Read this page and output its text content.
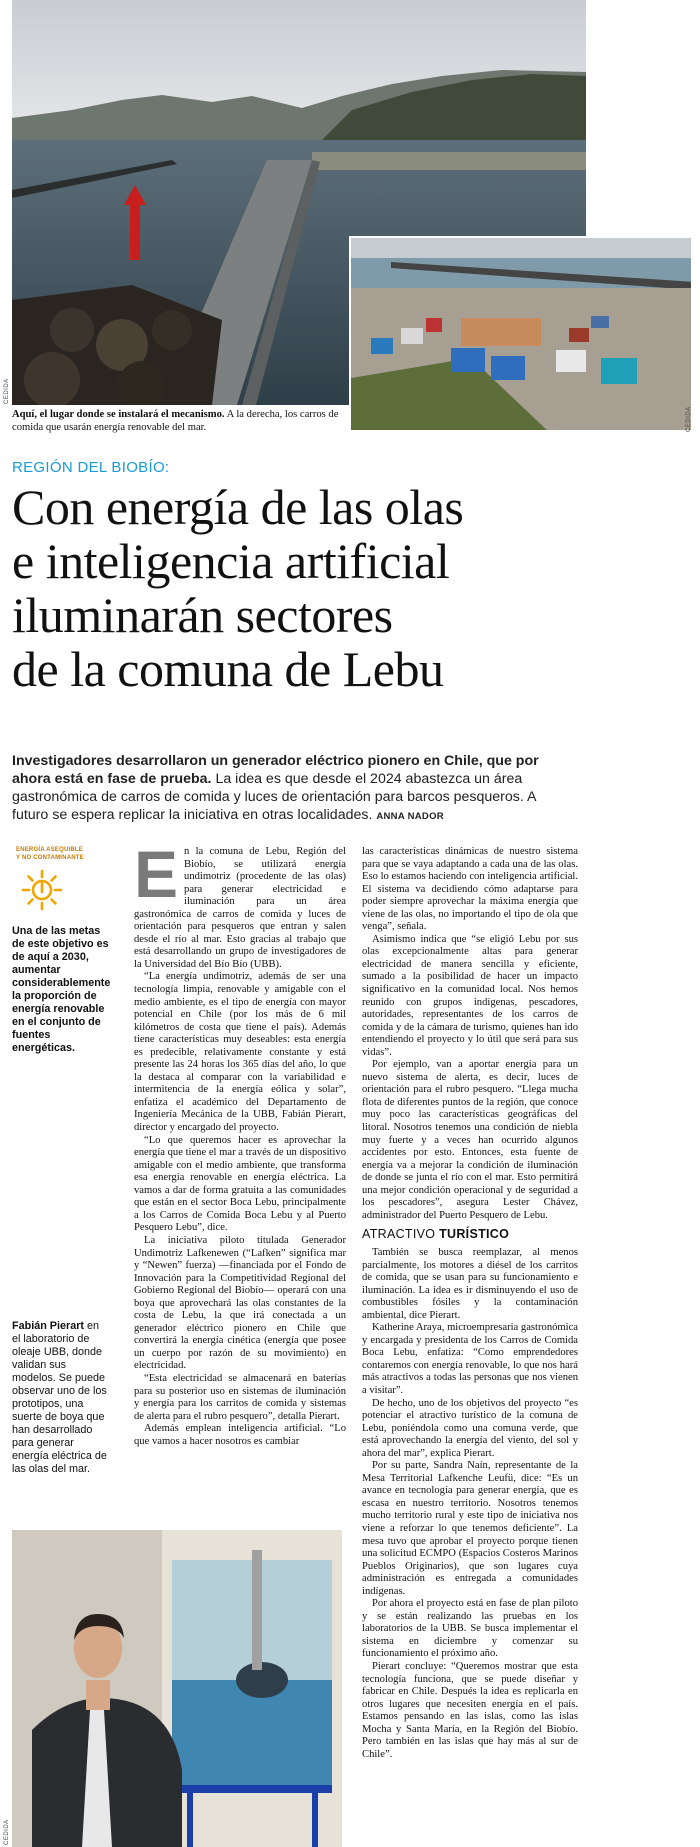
CEDIDA
CEDIDA
Aquí, el lugar donde se instalará el mecanismo. A la derecha, los carros de comida que usarán energía renovable del mar.
REGIÓN DEL BIOBÍO:
Con energía de las olas
e inteligencia artificial
iluminarán sectores
de la comuna de Lebu
Investigadores desarrollaron un generador eléctrico pionero en Chile, que por ahora está en fase de prueba. La idea es que desde el 2024 abastezca un área gastronómica de carros de comida y luces de orientación para barcos pesqueros. A futuro se espera replicar la iniciativa en otras localidades. ANNA NADOR
ENERGÍA ASEQUIBLE
Y NO CONTAMINANTE
Una de las metas de este objetivo es de aquí a 2030, aumentar considerablemente la proporción de energía renovable en el conjunto de fuentes energéticas.
Fabián Pierart en el laboratorio de oleaje UBB, donde validan sus modelos. Se puede observar uno de los prototipos, una suerte de boya que han desarrollado para generar energía eléctrica de las olas del mar.

En la comuna de Lebu, Región del Biobío, se utilizará energía undimotriz (procedente de las olas) para generar electricidad e iluminación para un área gastronómica de carros de comida y luces de orientación para pesqueros que entran y salen desde el río al mar. Esto gracias al trabajo que está desarrollando un grupo de investigadores de la Universidad del Bío Bío (UBB).

“La energía undimotriz, además de ser una tecnología limpia, renovable y amigable con el medio ambiente, es el tipo de energía con mayor potencial en Chile (por los más de 6 mil kilómetros de costa que tiene el país). Además tiene características muy deseables: esta energía es predecible, relativamente constante y está presente las 24 horas los 365 días del año, lo que la destaca al comparar con la variabilidad e intermitencia de la energía eólica y solar”, enfatiza el académico del Departamento de Ingeniería Mecánica de la UBB, Fabián Pierart, director y encargado del proyecto.

“Lo que queremos hacer es aprovechar la energía que tiene el mar a través de un dispositivo amigable con el medio ambiente, que transforma esa energía renovable en energía eléctrica. La vamos a dar de forma gratuita a las comunidades que están en el sector Boca Lebu, principalmente a los Carros de Comida Boca Lebu y al Puerto Pesquero Lebu”, dice.

La iniciativa piloto titulada Generador Undimotriz Lafkenewen (“Lafken” significa mar y “Newen” fuerza) —financiada por el Fondo de Innovación para la Competitividad Regional del Gobierno Regional del Biobío— operará con una boya que aprovechará las olas constantes de la costa de Lebu, la que irá conectada a un generador eléctrico pionero en Chile que convertirá la energía cinética (energía que posee un cuerpo por razón de su movimiento) en electricidad.

“Esta electricidad se almacenará en baterías para su posterior uso en sistemas de iluminación y energía para los carritos de comida y sistemas de alerta para el rubro pesquero”, detalla Pierart.

Además emplean inteligencia artificial. “Lo que vamos a hacer nosotros es cambiar

las características dinámicas de nuestro sistema para que se vaya adaptando a cada una de las olas. Eso lo estamos haciendo con inteligencia artificial. El sistema va decidiendo cómo adaptarse para poder siempre aprovechar la máxima energía que viene de las olas, no importando el tipo de ola que venga”, señala.

Asimismo indica que “se eligió Lebu por sus olas excepcionalmente altas para generar electricidad de manera sencilla y eficiente, sumado a la posibilidad de hacer un impacto significativo en la comunidad local. Nos hemos reunido con grupos indígenas, pescadores, autoridades, representantes de los carros de comida y de la cámara de turismo, quienes han ido entendiendo el proyecto y lo útil que será para sus vidas”.

Por ejemplo, van a aportar energía para un nuevo sistema de alerta, es decir, luces de orientación para el rubro pesquero. “Llega mucha flota de diferentes puntos de la región, que conoce muy poco las características geográficas del litoral. Nosotros tenemos una condición de niebla muy fuerte y a veces han ocurrido algunos accidentes por esto. Entonces, esta fuente de energía va a mejorar la condición de iluminación de donde se junta el río con el mar. Esto permitirá una mejor condición operacional y de seguridad a los pescadores”, asegura Lester Chávez, administrador del Puerto Pesquero de Lebu.

ATRACTIVO TURÍSTICO

También se busca reemplazar, al menos parcialmente, los motores a diésel de los carritos de comida, que se usan para su funcionamiento e iluminación. La idea es ir disminuyendo el uso de combustibles fósiles y la contaminación ambiental, dice Pierart.

Katherine Araya, microempresaria gastronómica y encargada y presidenta de los Carros de Comida Boca Lebu, enfatiza: “Como emprendedores contaremos con energía renovable, lo que nos hará más atractivos a todas las personas que nos vienen a visitar”.

De hecho, uno de los objetivos del proyecto “es potenciar el atractivo turístico de la comuna de Lebu, poniéndola como una comuna verde, que está aprovechando la energía del viento, del sol y ahora del mar”, explica Pierart.

Por su parte, Sandra Naín, representante de la Mesa Territorial Lafkenche Leufü, dice: “Es un avance en tecnología para generar energía, que es escasa en nuestro territorio. Nosotros tenemos mucho territorio rural y este tipo de iniciativa nos viene a reforzar lo que tenemos deficiente”. La mesa tuvo que aprobar el proyecto porque tienen una solicitud ECMPO (Espacios Costeros Marinos Pueblos Originarios), que son lugares cuya administración es entregada a comunidades indígenas.

Por ahora el proyecto está en fase de plan piloto y se están realizando las pruebas en los laboratorios de la UBB. Se busca implementar el sistema en diciembre y comenzar su funcionamiento el próximo año.

Pierart concluye: “Queremos mostrar que esta tecnología funciona, que se puede diseñar y fabricar en Chile. Después la idea es replicarla en otros lugares que necesiten energía en el país. Estamos pensando en las islas, como las islas Mocha y Santa María, en la Región del Biobío. Pero también en las islas que hay más al sur de Chile”.

CEDIDA
